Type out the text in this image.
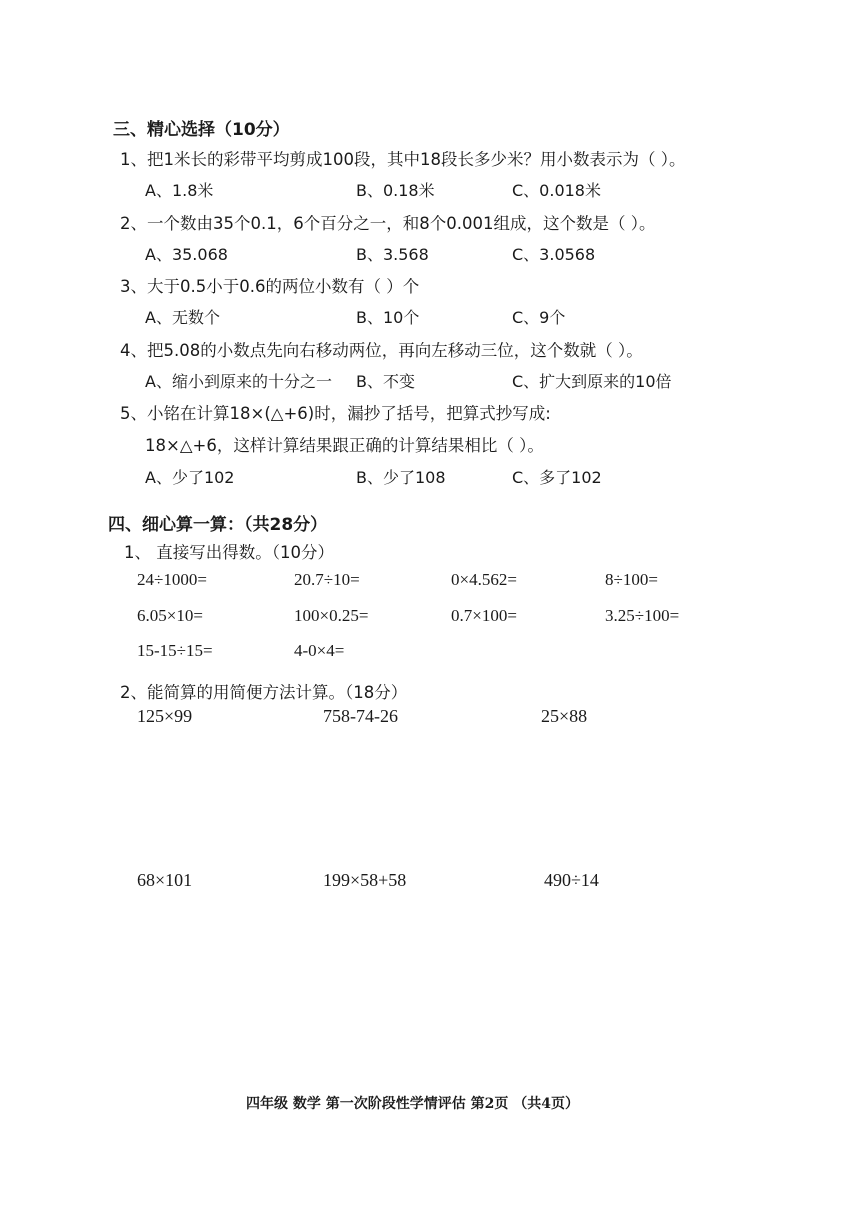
三、精心选择（10分）
1、把1米长的彩带平均剪成100段，其中18段长多少米？用小数表示为（ ）。
A、1.8米	B、0.18米	C、0.018米
2、一个数由35个0.1，6个百分之一，和8个0.001组成，这个数是（ ）。
A、35.068	B、3.568	C、3.0568
3、大于0.5小于0.6的两位小数有（ ）个
A、无数个	B、10个	C、9个
4、把5.08的小数点先向右移动两位，再向左移动三位，这个数就（ ）。
A、缩小到原来的十分之一 B、不变	C、扩大到原来的10倍
5、小铭在计算18×(△+6)时，漏抄了括号，把算式抄写成:
18×△+6，这样计算结果跟正确的计算结果相比（ ）。
A、少了102	B、少了108	C、多了102
四、细心算一算：（共28分）
1、 直接写出得数。（10分）
24÷1000=	20.7÷10=	0×4.562=	8÷100=
6.05×10=	100×0.25=	0.7×100=	3.25÷100=
15-15÷15=	4-0×4=
2、能简算的用简便方法计算。（18分）
125×99	758-74-26	25×88
68×101	199×58+58	490÷14
四年级 数学 第一次阶段性学情评估 第2页 （共4页）
